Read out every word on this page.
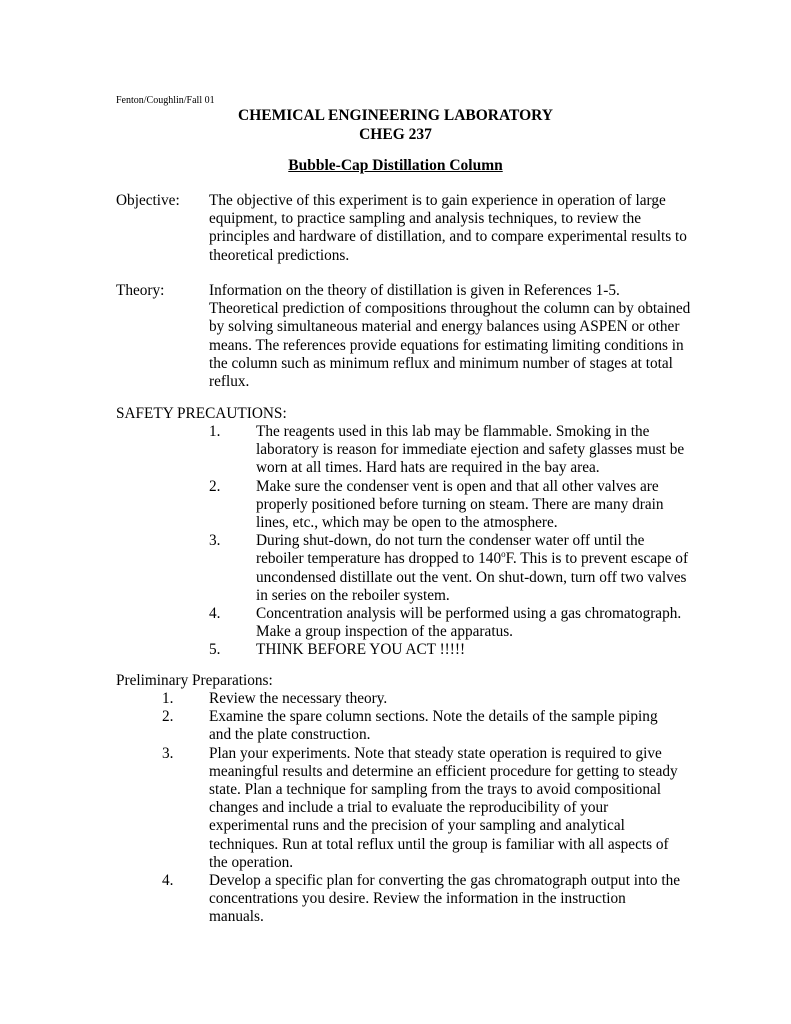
Fenton/Coughlin/Fall 01
CHEMICAL ENGINEERING LABORATORY
CHEG 237
Bubble-Cap Distillation Column
Objective: The objective of this experiment is to gain experience in operation of large equipment, to practice sampling and analysis techniques, to review the principles and hardware of distillation, and to compare experimental results to theoretical predictions.

Theory:	Information on the theory of distillation is given in References 1-5. Theoretical prediction of compositions throughout the column can by obtained by solving simultaneous material and energy balances using ASPEN or other means. The references provide equations for estimating limiting conditions in the column such as minimum reflux and minimum number of stages at total reflux.

SAFETY PRECAUTIONS:
1. The reagents used in this lab may be flammable. Smoking in the laboratory is reason for immediate ejection and safety glasses must be worn at all times. Hard hats are required in the bay area.
2. Make sure the condenser vent is open and that all other valves are properly positioned before turning on steam. There are many drain lines, etc., which may be open to the atmosphere.
3. During shut-down, do not turn the condenser water off until the reboiler temperature has dropped to 140$^o$F. This is to prevent escape of uncondensed distillate out the vent. On shut-down, turn off two valves in series on the reboiler system.
4. Concentration analysis will be performed using a gas chromatograph. Make a group inspection of the apparatus.
5. THINK BEFORE YOU ACT !!!!!
Preliminary Preparations:
1. Review the necessary theory.
2. Examine the spare column sections. Note the details of the sample piping and the plate construction.
3. Plan your experiments. Note that steady state operation is required to give meaningful results and determine an efficient procedure for getting to steady state. Plan a technique for sampling from the trays to avoid compositional changes and include a trial to evaluate the reproducibility of your experimental runs and the precision of your sampling and analytical techniques. Run at total reflux until the group is familiar with all aspects of the operation.
4. Develop a specific plan for converting the gas chromatograph output into the concentrations you desire. Review the information in the instruction manuals.
